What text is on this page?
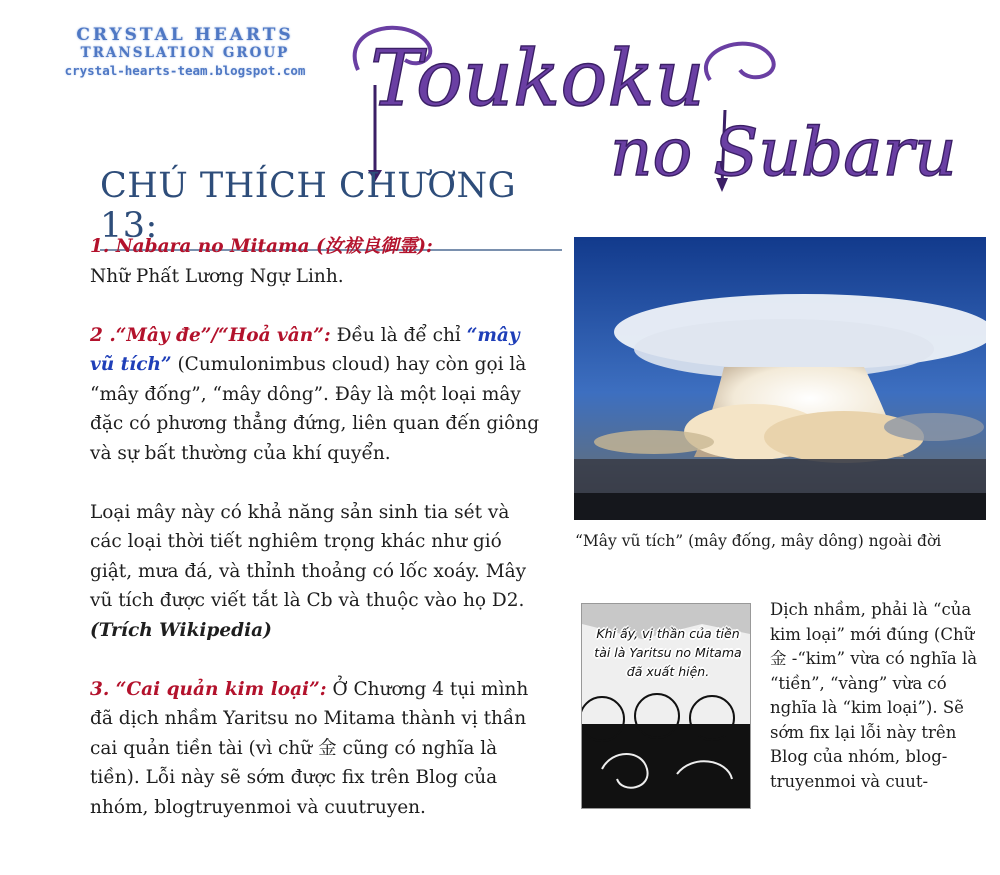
CRYSTAL HEARTS
TRANSLATION GROUP
crystal-hearts-team.blogspot.com Toukoku
no Subaru
CHÚ THÍCH CHƯƠNG 13:

1. Nabara no Mitama (汝袚良御霊):
Nhữ Phất Lương Ngự Linh.

2 .“Mây đe”/“Hoả vân”: Đều là để chỉ “mây vũ tích” (Cumulonimbus cloud) hay còn gọi là “mây đống”, “mây dông”. Đây là một loại mây đặc có phương thẳng đứng, liên quan đến giông và sự bất thường của khí quyển.

Loại mây này có khả năng sản sinh tia sét và các loại thời tiết nghiêm trọng khác như gió giật, mưa đá, và thỉnh thoảng có lốc xoáy. Mây vũ tích được viết tắt là Cb và thuộc vào họ D2. (Trích Wikipedia)

3. “Cai quản kim loại”: Ở Chương 4 tụi mình đã dịch nhầm Yaritsu no Mitama thành vị thần cai quản tiền tài (vì chữ 金 cũng có nghĩa là tiền). Lỗi này sẽ sớm được fix trên Blog của nhóm, blogtruyenmoi và cuutruyen.

“Mây vũ tích” (mây đống, mây dông) ngoài đời
Khi ấy, vị thần của tiền tài là Yaritsu no Mitama đã xuất hiện.
Dịch nhầm, phải là “của kim loại” mới đúng (Chữ 金 -“kim” vừa có nghĩa là “tiền”, “vàng” vừa có nghĩa là “kim loại”). Sẽ sớm fix lại lỗi này trên Blog của nhóm, blog-truyenmoi và cuut-
